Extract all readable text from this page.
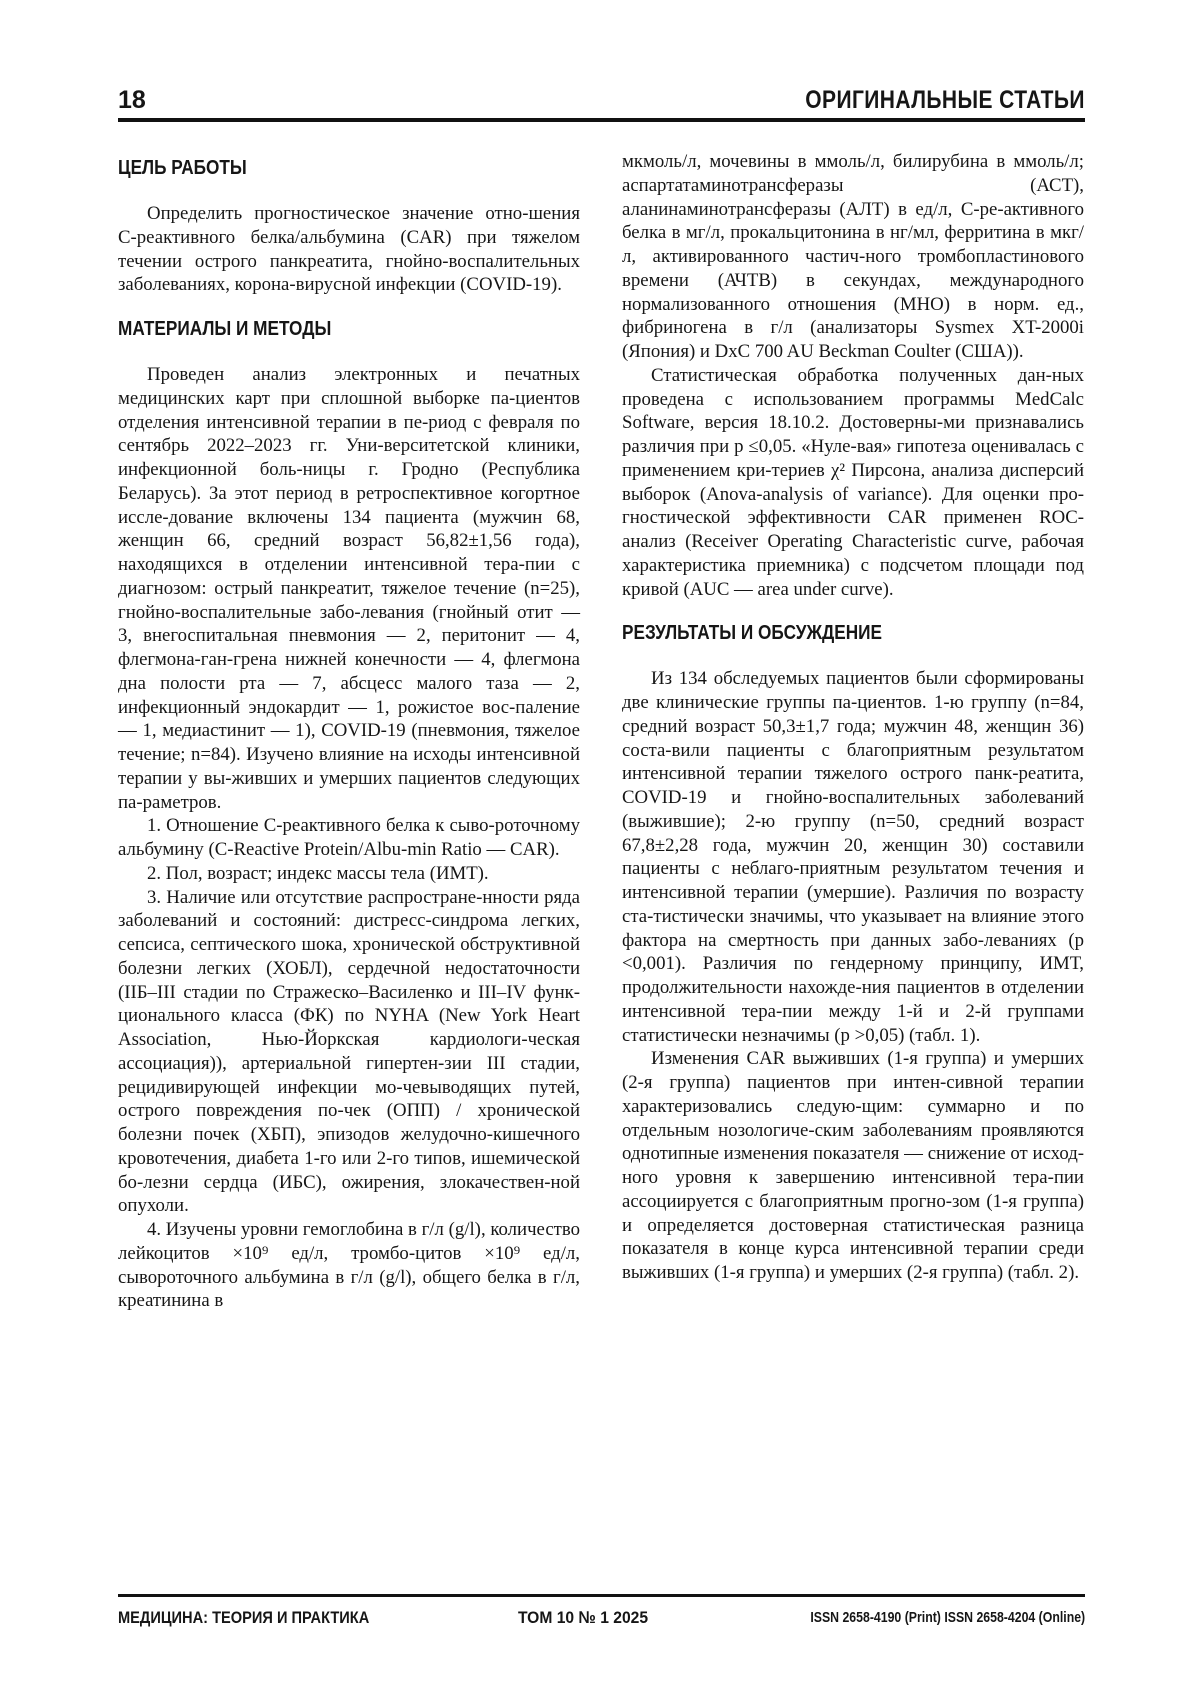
18	ОРИГИНАЛЬНЫЕ СТАТЬИ
ЦЕЛЬ РАБОТЫ

Определить прогностическое значение отно-шения С-реактивного белка/альбумина (CAR) при тяжелом течении острого панкреатита, гнойно-воспалительных заболеваниях, корона-вирусной инфекции (COVID-19).

МАТЕРИАЛЫ И МЕТОДЫ

Проведен анализ электронных и печатных медицинских карт при сплошной выборке па-циентов отделения интенсивной терапии в пе-риод с февраля по сентябрь 2022–2023 гг. Уни-верситетской клиники, инфекционной боль-ницы г. Гродно (Республика Беларусь). За этот период в ретроспективное когортное иссле-дование включены 134 пациента (мужчин 68, женщин 66, средний возраст 56,82±1,56 года), находящихся в отделении интенсивной тера-пии с диагнозом: острый панкреатит, тяжелое течение (n=25), гнойно-воспалительные забо-левания (гнойный отит — 3, внегоспитальная пневмония — 2, перитонит — 4, флегмона-ган-грена нижней конечности — 4, флегмона дна полости рта — 7, абсцесс малого таза — 2, инфекционный эндокардит — 1, рожистое вос-паление — 1, медиастинит — 1), COVID-19 (пневмония, тяжелое течение; n=84). Изучено влияние на исходы интенсивной терапии у вы-живших и умерших пациентов следующих па-раметров.

1. Отношение С-реактивного белка к сыво-роточному альбумину (C-Reactive Protein/Albu-min Ratio — CAR).

2. Пол, возраст; индекс массы тела (ИМТ).

3. Наличие или отсутствие распростране-нности ряда заболеваний и состояний: дистресс-синдрома легких, сепсиса, септического шока, хронической обструктивной болезни легких (ХОБЛ), сердечной недостаточности (IIБ–III стадии по Стражеско–Василенко и III–IV функ-ционального класса (ФК) по NYHA (New York Heart Association, Нью-Йоркская кардиологи-ческая ассоциация)), артериальной гипертен-зии III стадии, рецидивирующей инфекции мо-чевыводящих путей, острого повреждения по-чек (ОПП) / хронической болезни почек (ХБП), эпизодов желудочно-кишечного кровотечения, диабета 1-го или 2-го типов, ишемической бо-лезни сердца (ИБС), ожирения, злокачествен-ной опухоли.

4. Изучены уровни гемоглобина в г/л (g/l), количество лейкоцитов ×10⁹ ед/л, тромбо-цитов ×10⁹ ед/л, сывороточного альбумина в г/л (g/l), общего белка в г/л, креатинина в

мкмоль/л, мочевины в ммоль/л, билирубина в ммоль/л; аспартатаминотрансферазы (АСТ), аланинаминотрансферазы (АЛТ) в ед/л, С-ре-активного белка в мг/л, прокальцитонина в нг/мл, ферритина в мкг/л, активированного частич-ного тромбопластинового времени (АЧТВ) в секундах, международного нормализованного отношения (МНО) в норм. ед., фибриногена в г/л (анализаторы Sysmex XT-2000i (Япония) и DxC 700 AU Beckman Coulter (США)).

Статистическая обработка полученных дан-ных проведена с использованием программы MedCalc Software, версия 18.10.2. Достоверны-ми признавались различия при p ≤0,05. «Нуле-вая» гипотеза оценивалась с применением кри-териев χ² Пирсона, анализа дисперсий выборок (Anova-analysis of variance). Для оценки про-гностической эффективности CAR применен ROC-анализ (Receiver Operating Characteristic curve, рабочая характеристика приемника) с подсчетом площади под кривой (AUC — area under curve).

РЕЗУЛЬТАТЫ И ОБСУЖДЕНИЕ

Из 134 обследуемых пациентов были сформированы две клинические группы па-циентов. 1-ю группу (n=84, средний возраст 50,3±1,7 года; мужчин 48, женщин 36) соста-вили пациенты с благоприятным результатом интенсивной терапии тяжелого острого панк-реатита, COVID-19 и гнойно-воспалительных заболеваний (выжившие); 2-ю группу (n=50, средний возраст 67,8±2,28 года, мужчин 20, женщин 30) составили пациенты с неблаго-приятным результатом течения и интенсивной терапии (умершие). Различия по возрасту ста-тистически значимы, что указывает на влияние этого фактора на смертность при данных забо-леваниях (p <0,001). Различия по гендерному принципу, ИМТ, продолжительности нахожде-ния пациентов в отделении интенсивной тера-пии между 1-й и 2-й группами статистически незначимы (p >0,05) (табл. 1).

Изменения CAR выживших (1-я группа) и умерших (2-я группа) пациентов при интен-сивной терапии характеризовались следую-щим: суммарно и по отдельным нозологиче-ским заболеваниям проявляются однотипные изменения показателя — снижение от исход-ного уровня к завершению интенсивной тера-пии ассоциируется с благоприятным прогно-зом (1-я группа) и определяется достоверная статистическая разница показателя в конце курса интенсивной терапии среди выживших (1-я группа) и умерших (2-я группа) (табл. 2).

МЕДИЦИНА: ТЕОРИЯ И ПРАКТИКА	ТОМ 10 № 1 2025	ISSN 2658-4190 (Print) ISSN 2658-4204 (Online)
